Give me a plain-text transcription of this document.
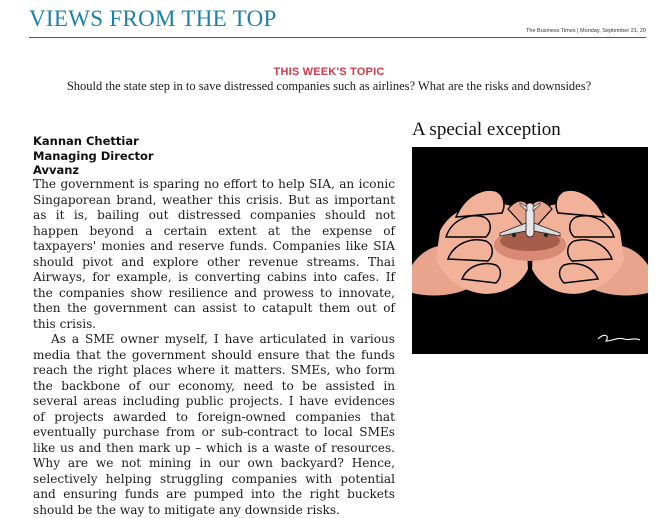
VIEWS FROM THE TOP	The Business Times | Monday, September 21, 20
THIS WEEK'S TOPIC
Should the state step in to save distressed companies such as airlines? What are the risks and downsides?
Kannan Chettiar
Managing Director
Avvanz

The government is sparing no effort to help SIA, an iconic Singaporean brand, weather this crisis. But as important as it is, bailing out distressed companies should not happen beyond a certain extent at the expense of taxpayers' monies and reserve funds. Companies like SIA should pivot and explore other revenue streams. Thai Airways, for example, is converting cabins into cafes. If the companies show resilience and prowess to innovate, then the government can assist to catapult them out of this crisis.

As a SME owner myself, I have articulated in various media that the government should ensure that the funds reach the right places where it matters. SMEs, who form the backbone of our economy, need to be assisted in several areas including public projects. I have evidences of projects awarded to foreign-owned companies that eventually purchase from or sub-contract to local SMEs like us and then mark up – which is a waste of resources. Why are we not mining in our own backyard? Hence, selectively helping struggling companies with potential and ensuring funds are pumped into the right buckets should be the way to mitigate any downside risks.

A special exception
